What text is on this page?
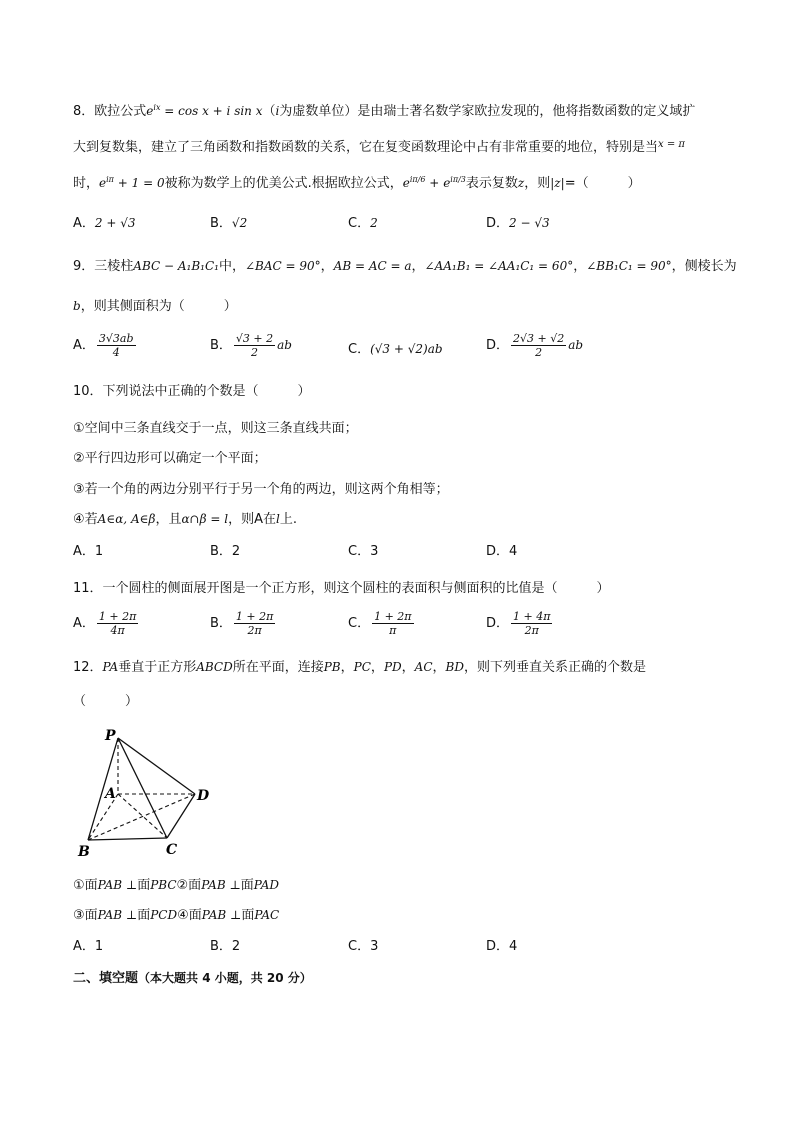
8．欧拉公式$e^{ix} = \cos x + i$ sin x（i为虚数单位）是由瑞士著名数学家欧拉发现的，他将指数函数的定义域扩
大到复数集，建立了三角函数和指数函数的关系，它在复变函数理论中占有非常重要的地位，特别是当$^{x = \pi}$
时，$e^{i\pi} + 1 = 0$被称为数学上的优美公式.根据欧拉公式，$e^{i\pi/6} + e^{i\pi/3}$表示复数z，则|z|=（　　　）
A．2 + √3	B．√2	C．2	D．2 − √3
9．三棱柱ABC − A₁B₁C₁中，∠BAC = 90°，AB = AC = a，∠AA₁B₁ = ∠AA₁C₁ = 60°，∠BB₁C₁ = 90°，侧棱长为
b，则其侧面积为（　　　）
A． $\frac{3√3ab}{4}$	B． $\frac{√3 + 2}{2}$ ab	C．(√3 + √2)ab	D． $\frac{2√3 + √2}{2}$ ab
10．下列说法中正确的个数是（　　　）
①空间中三条直线交于一点，则这三条直线共面；
②平行四边形可以确定一个平面；
③若一个角的两边分别平行于另一个角的两边，则这两个角相等；
④若A∈α, A∈β，且α∩β = l，则A在l上.
A．1	B．2	C．3	D．4
11．一个圆柱的侧面展开图是一个正方形，则这个圆柱的表面积与侧面积的比值是（　　　）
A． $\frac{1 + 2\pi}{4\pi}$	B． $\frac{1 + 2\pi}{2\pi}$	C． $\frac{1 + 2\pi}{\pi}$	D． $\frac{1 + 4\pi}{2\pi}$
12．PA垂直于正方形ABCD所在平面，连接PB，PC，PD，AC，BD，则下列垂直关系正确的个数是
（　　　）
P
A
B	C
D
①面PAB ⊥面PBC②面PAB ⊥面PAD
③面PAB ⊥面PCD④面PAB ⊥面PAC
A．1	B．2	C．3	D．4
二、填空题（本大题共 4 小题，共 20 分）
